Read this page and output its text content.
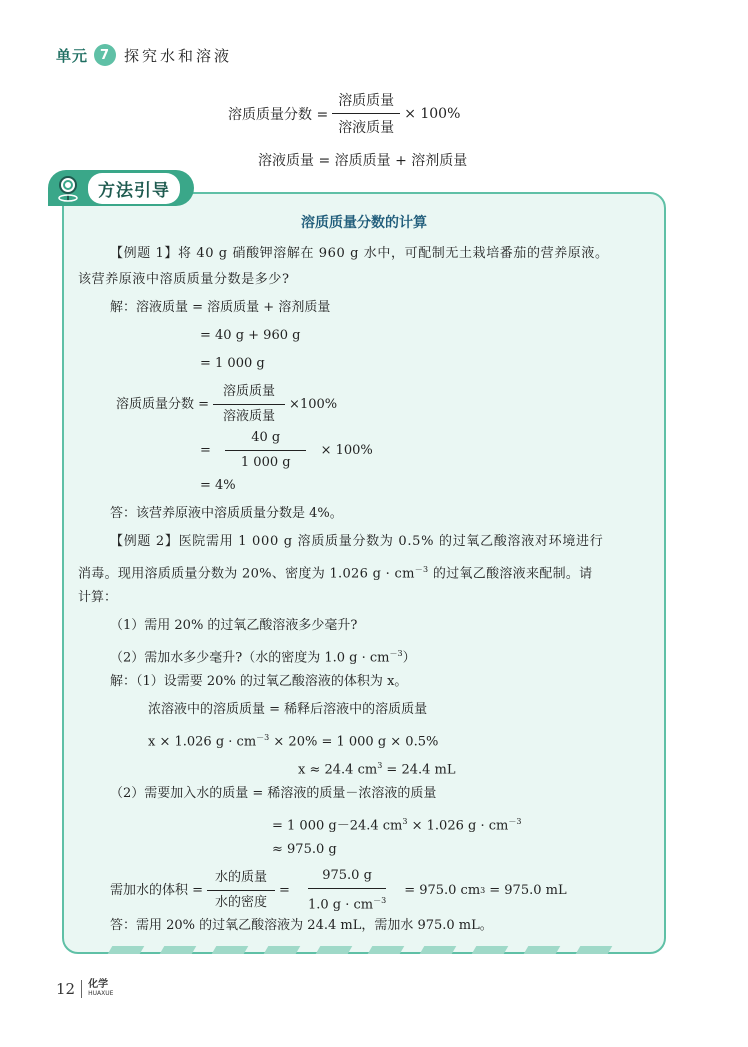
单元 7 探究水和溶液
溶质质量分数 = $\frac{\text{溶质质量}}{\text{溶液质量}} \times 100\%$
溶液质量 = 溶质质量 + 溶剂质量
方法引导
溶质质量分数的计算
【例题 1】将 40 g 硝酸钾溶解在 960 g 水中，可配制无土栽培番茄的营养原液。
该营养原液中溶质质量分数是多少?
解：溶液质量 = 溶质质量 + 溶剂质量
= 40 g + 960 g
= 1 000 g
溶质质量分数 = $\frac{\text{溶质质量}}{\text{溶液质量}} \times 100\%$
= $\frac{40 g}{1 000 g} \times 100\%$
= 4%
答：该营养原液中溶质质量分数是 4%。
【例题 2】医院需用 1 000 g 溶质质量分数为 0.5% 的过氧乙酸溶液对环境进行
消毒。现用溶质质量分数为 20%、密度为 1.026 $g \cdot cm^{-3}$ 的过氧乙酸溶液来配制。请
计算：
（1）需用 20% 的过氧乙酸溶液多少毫升?
（2）需加水多少毫升?（水的密度为 1.0 $g \cdot cm^{-3}$）
解：（1）设需要 20% 的过氧乙酸溶液的体积为 x。
浓溶液中的溶质质量 = 稀释后溶液中的溶质质量
x × 1.026 $g \cdot cm^{-3} \times 20\% = 1$ 000 g × 0.5%
x ≈ 24.4 $cm^3 = 24.4$ mL
（2）需要加入水的质量 = 稀溶液的质量－浓溶液的质量
= 1 000 g－24.4 $cm^3 \times 1.026$ $g \cdot cm^{-3}$
≈ 975.0 g
需加水的体积 = $\frac{\text{水的质量}}{\text{水的密度}} = \frac{975.0 g}{1.0 g \cdot cm^{-3}} = 975.0$ cm 3 = 975.0 mL
答：需用 20% 的过氧乙酸溶液为 24.4 mL，需加水 975.0 mL。
12	化学
HUAXUE
